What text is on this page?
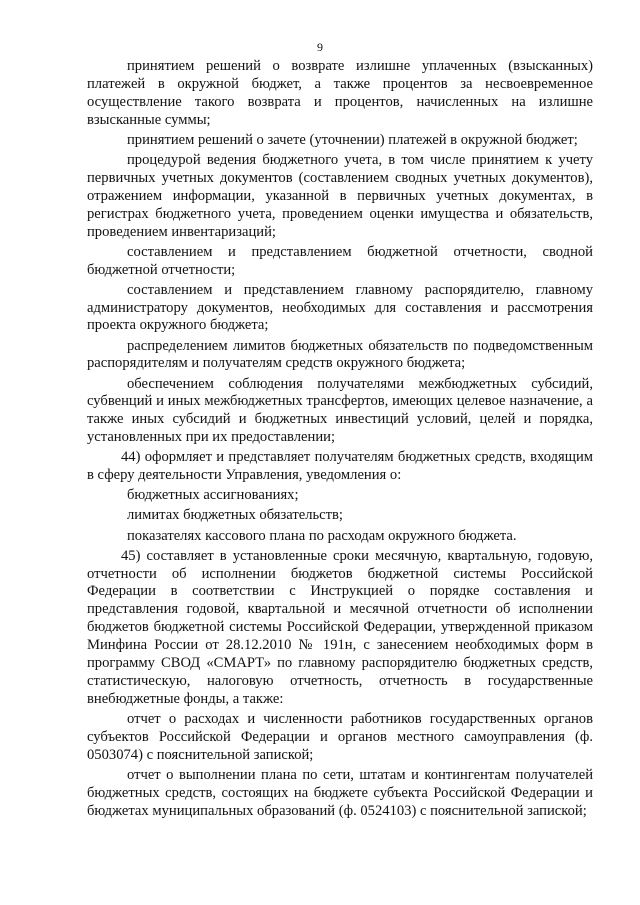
9

принятием решений о возврате излишне уплаченных (взысканных) платежей в окружной бюджет, а также процентов за несвоевременное осуществление такого возврата и процентов, начисленных на излишне взысканные суммы;

принятием решений о зачете (уточнении) платежей в окружной бюджет;

процедурой ведения бюджетного учета, в том числе принятием к учету первичных учетных документов (составлением сводных учетных документов), отражением информации, указанной в первичных учетных документах, в регистрах бюджетного учета, проведением оценки имущества и обязательств, проведением инвентаризаций;

составлением и представлением бюджетной отчетности, сводной бюджетной отчетности;

составлением и представлением главному распорядителю, главному администратору документов, необходимых для составления и рассмотрения проекта окружного бюджета;

распределением лимитов бюджетных обязательств по подведомственным распорядителям и получателям средств окружного бюджета;

обеспечением соблюдения получателями межбюджетных субсидий, субвенций и иных межбюджетных трансфертов, имеющих целевое назначение, а также иных субсидий и бюджетных инвестиций условий, целей и порядка, установленных при их предоставлении;

44) оформляет и представляет получателям бюджетных средств, входящим в сферу деятельности Управления, уведомления о:

бюджетных ассигнованиях;

лимитах бюджетных обязательств;

показателях кассового плана по расходам окружного бюджета.

45) составляет в установленные сроки месячную, квартальную, годовую, отчетности об исполнении бюджетов бюджетной системы Российской Федерации в соответствии с Инструкцией о порядке составления и представления годовой, квартальной и месячной отчетности об исполнении бюджетов бюджетной системы Российской Федерации, утвержденной приказом Минфина России от 28.12.2010 № 191н, с занесением необходимых форм в программу СВОД «СМАРТ» по главному распорядителю бюджетных средств, статистическую, налоговую отчетность, отчетность в государственные внебюджетные фонды, а также:

отчет о расходах и численности работников государственных органов субъектов Российской Федерации и органов местного самоуправления (ф. 0503074) с пояснительной запиской;

отчет о выполнении плана по сети, штатам и контингентам получателей бюджетных средств, состоящих на бюджете субъекта Российской Федерации и бюджетах муниципальных образований (ф. 0524103) с пояснительной запиской;
